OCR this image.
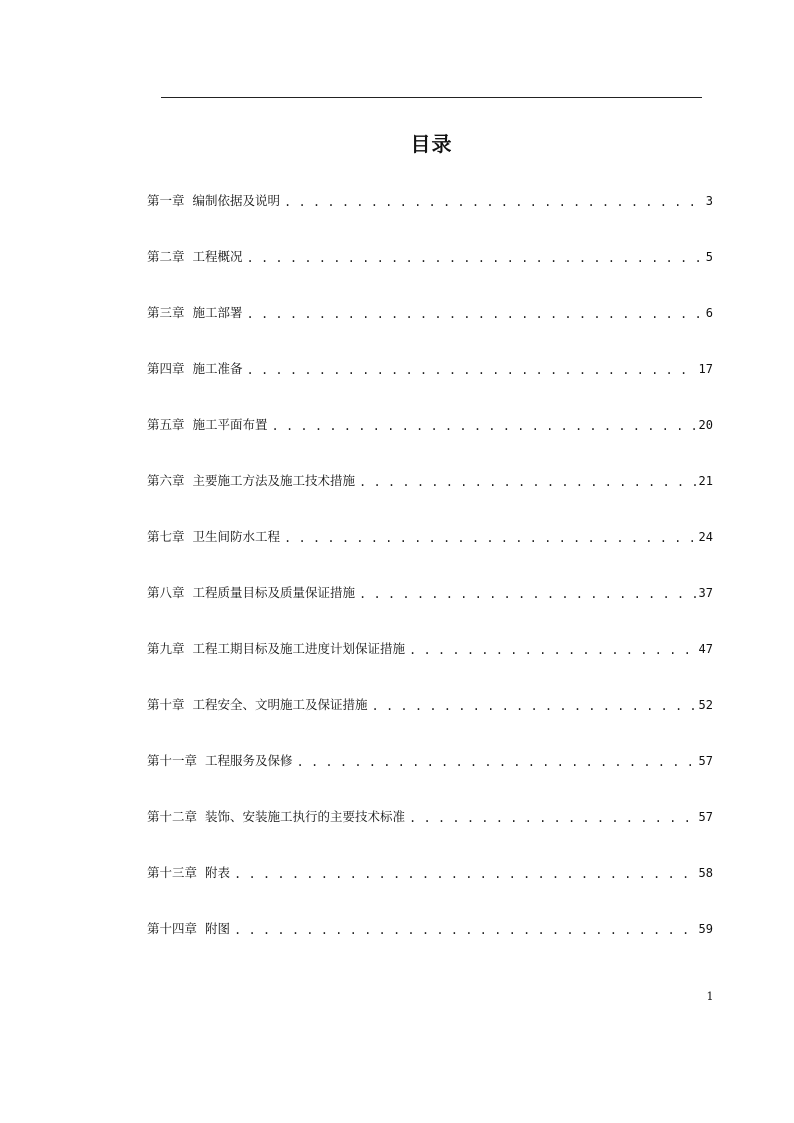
目录
第一章 编制依据及说明 . . .	3
第二章 工程概况 . . .	5
第三章 施工部署 . . .	6
第四章 施工准备 . . .	17
第五章 施工平面布置 . . .	20
第六章 主要施工方法及施工技术措施 . . .	21
第七章 卫生间防水工程 . . .	24
第八章 工程质量目标及质量保证措施 . . .	37
第九章 工程工期目标及施工进度计划保证措施 . . .	47
第十章 工程安全、文明施工及保证措施 . . .	52
第十一章 工程服务及保修 . . .	57
第十二章 装饰、安装施工执行的主要技术标准 . . .	57
第十三章 附表 . . .	58
第十四章 附图 . . .	59
1
